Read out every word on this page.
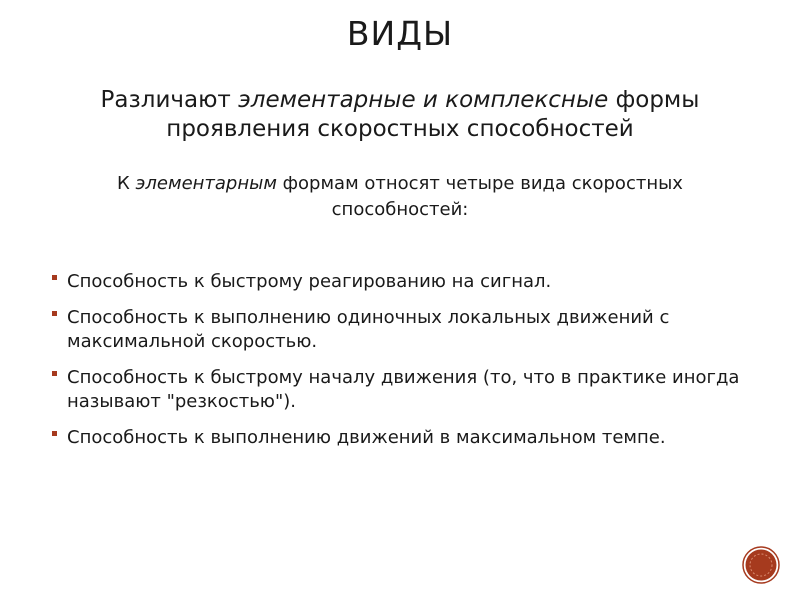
ВИДЫ
Различают элементарные и комплексные формы
проявления скоростных способностей
К элементарным формам относят четыре вида скоростных
способностей:
Способность к быстрому реагированию на сигнал.
Способность к выполнению одиночных локальных движений с максимальной скоростью.
Способность к быстрому началу движения (то, что в практике иногда называют "резкостью").
Способность к выполнению движений в максимальном темпе.
